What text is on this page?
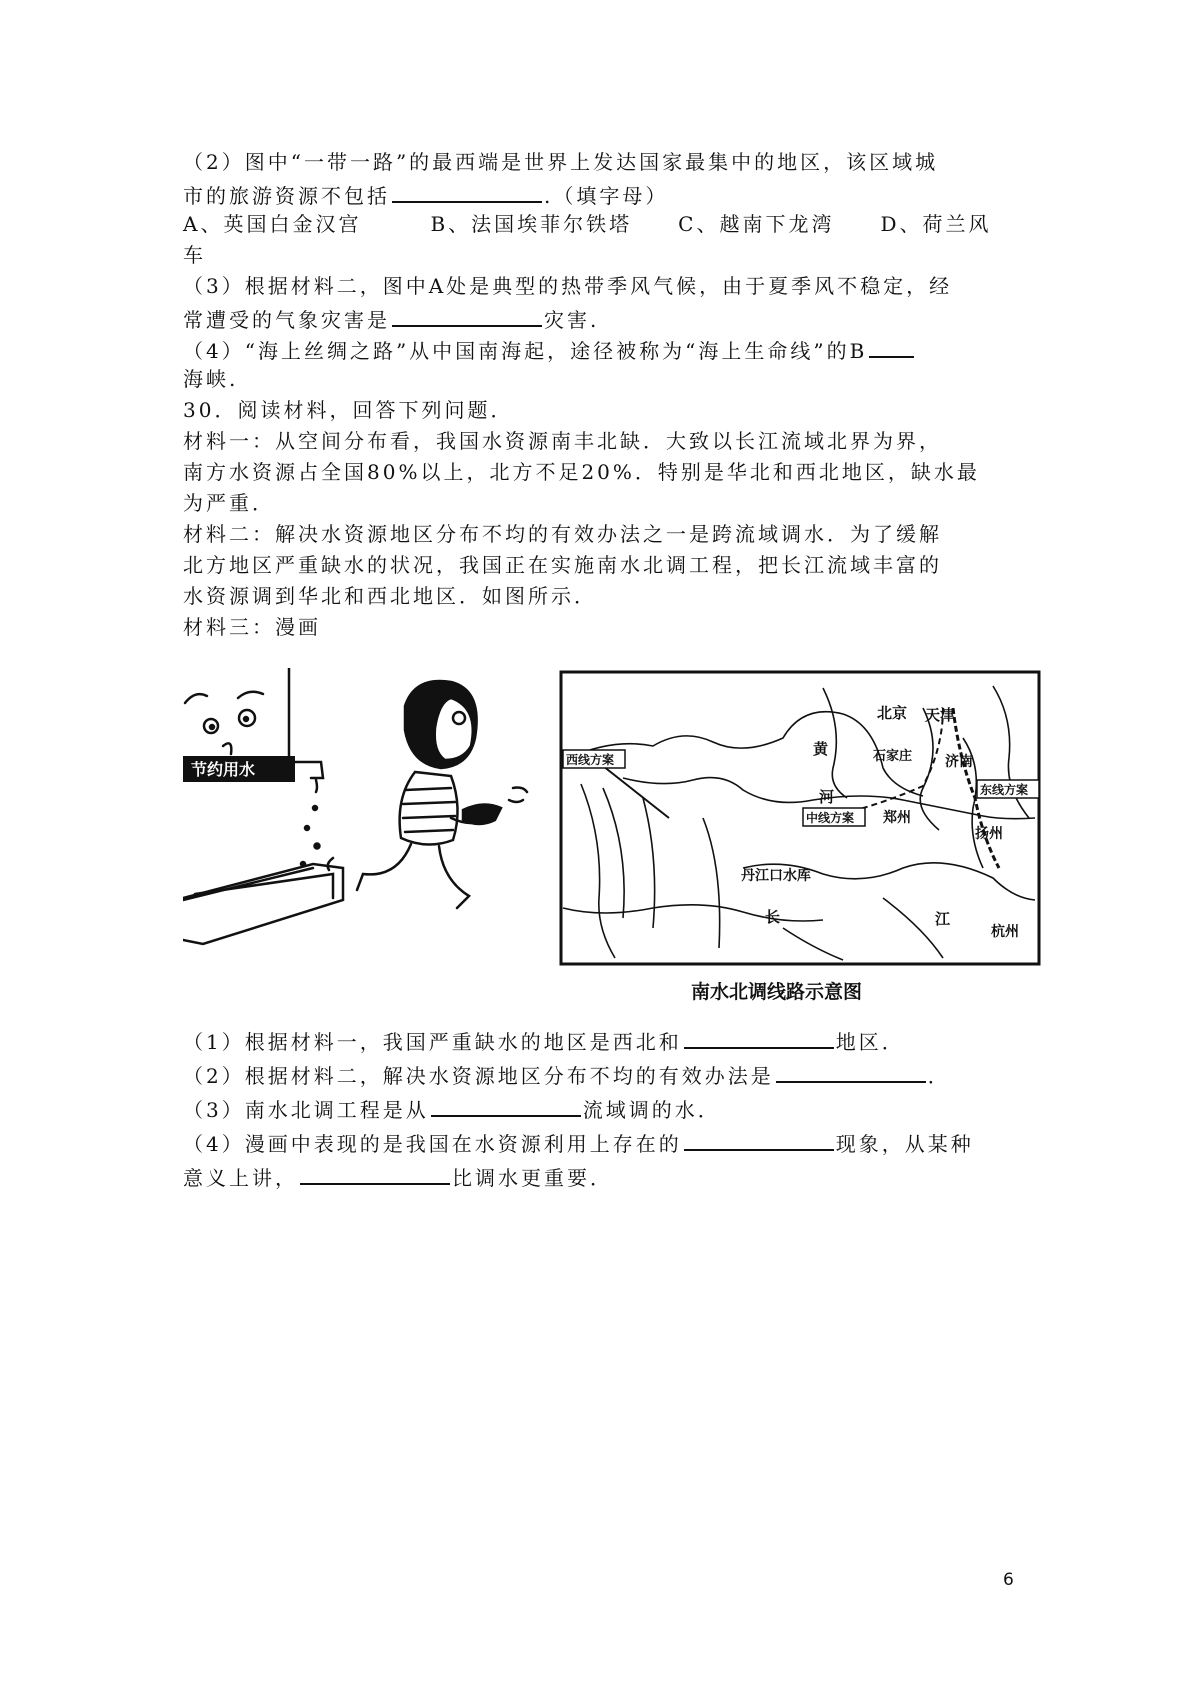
（2）图中“一带一路”的最西端是世界上发达国家最集中的地区，该区域城
市的旅游资源不包括	.（填字母）
A、英国白金汉宫　　　B、法国埃菲尔铁塔　　C、越南下龙湾　　D、荷兰风
车
（3）根据材料二，图中A处是典型的热带季风气候，由于夏季风不稳定，经
常遭受的气象灾害是	灾害.
（4）“海上丝绸之路”从中国南海起，途径被称为“海上生命线”的B
海峡.
30．阅读材料，回答下列问题．
材料一：从空间分布看，我国水资源南丰北缺．大致以长江流域北界为界，
南方水资源占全国80%以上，北方不足20%．特别是华北和西北地区，缺水最
为严重．
材料二：解决水资源地区分布不均的有效办法之一是跨流域调水．为了缓解
北方地区严重缺水的状况，我国正在实施南水北调工程，把长江流域丰富的
水资源调到华北和西北地区．如图所示．
材料三：漫画
节约用水	西线方案
中线方案
东线方案
黄
河
北京 天津
石家庄 济南
郑州
扬州
丹江口水库
长	江
杭州
南水北调线路示意图
（1）根据材料一，我国严重缺水的地区是西北和	地区．
（2）根据材料二，解决水资源地区分布不均的有效办法是	．
（3）南水北调工程是从	流域调的水．
（4）漫画中表现的是我国在水资源利用上存在的	现象，从某种
意义上讲，	比调水更重要．
6
